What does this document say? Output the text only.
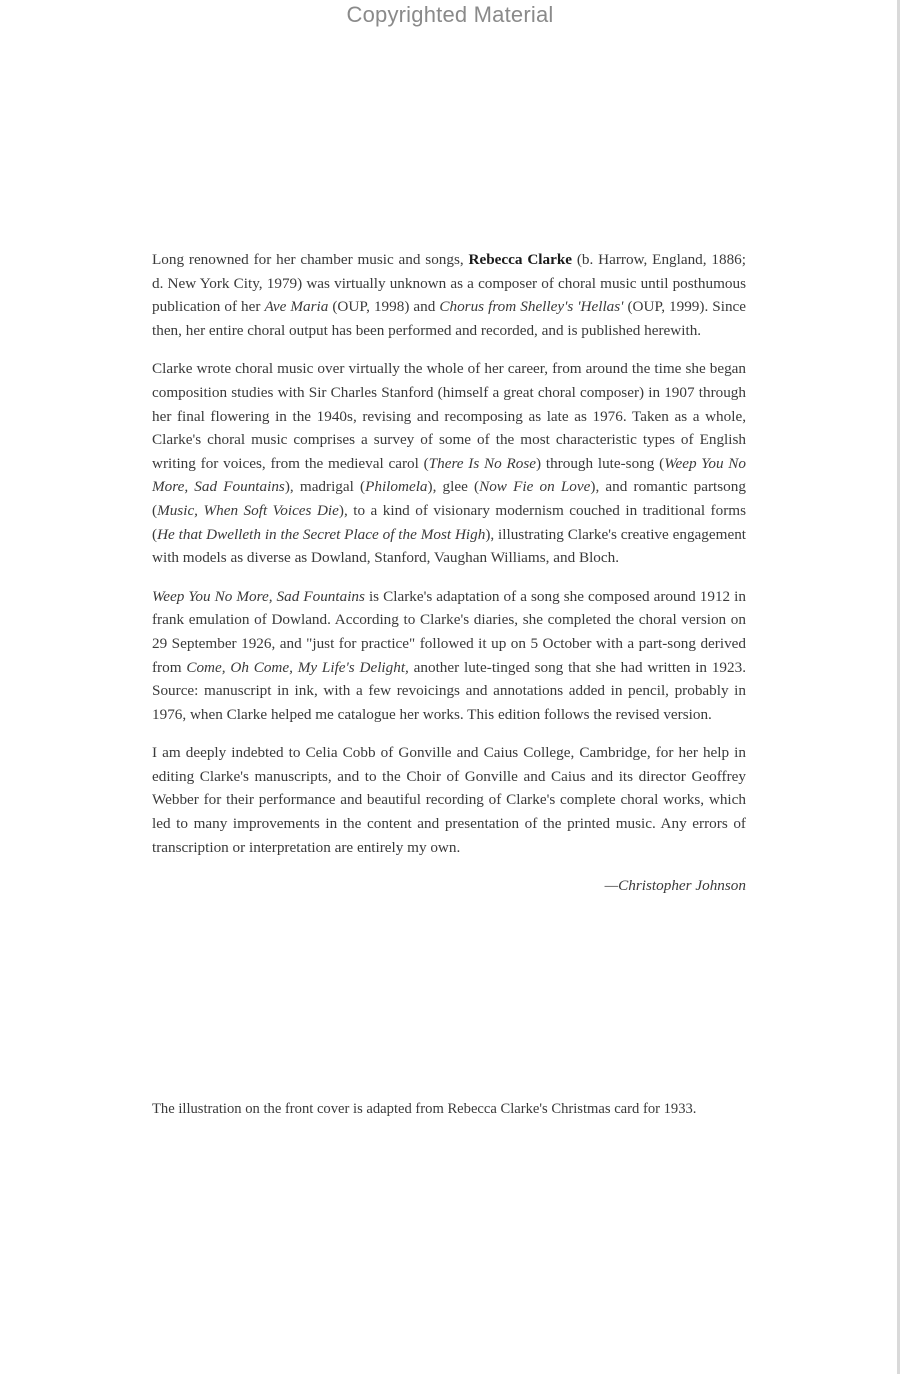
Copyrighted Material

Long renowned for her chamber music and songs, Rebecca Clarke (b. Harrow, England, 1886; d. New York City, 1979) was virtually unknown as a composer of choral music until posthumous publication of her Ave Maria (OUP, 1998) and Chorus from Shelley's 'Hellas' (OUP, 1999). Since then, her entire choral output has been performed and recorded, and is published herewith.

Clarke wrote choral music over virtually the whole of her career, from around the time she began composition studies with Sir Charles Stanford (himself a great choral composer) in 1907 through her final flowering in the 1940s, revising and recomposing as late as 1976. Taken as a whole, Clarke's choral music comprises a survey of some of the most characteristic types of English writing for voices, from the medieval carol (There Is No Rose) through lute-song (Weep You No More, Sad Fountains), madrigal (Philomela), glee (Now Fie on Love), and romantic partsong (Music, When Soft Voices Die), to a kind of visionary modernism couched in traditional forms (He that Dwelleth in the Secret Place of the Most High), illustrating Clarke's creative engagement with models as diverse as Dowland, Stanford, Vaughan Williams, and Bloch.

Weep You No More, Sad Fountains is Clarke's adaptation of a song she composed around 1912 in frank emulation of Dowland. According to Clarke's diaries, she completed the choral version on 29 September 1926, and "just for practice" followed it up on 5 October with a part-song derived from Come, Oh Come, My Life's Delight, another lute-tinged song that she had written in 1923. Source: manuscript in ink, with a few revoicings and annotations added in pencil, probably in 1976, when Clarke helped me catalogue her works. This edition follows the revised version.

I am deeply indebted to Celia Cobb of Gonville and Caius College, Cambridge, for her help in editing Clarke's manuscripts, and to the Choir of Gonville and Caius and its director Geoffrey Webber for their performance and beautiful recording of Clarke's complete choral works, which led to many improvements in the content and presentation of the printed music. Any errors of transcription or interpretation are entirely my own.

—Christopher Johnson
The illustration on the front cover is adapted from Rebecca Clarke's Christmas card for 1933.
